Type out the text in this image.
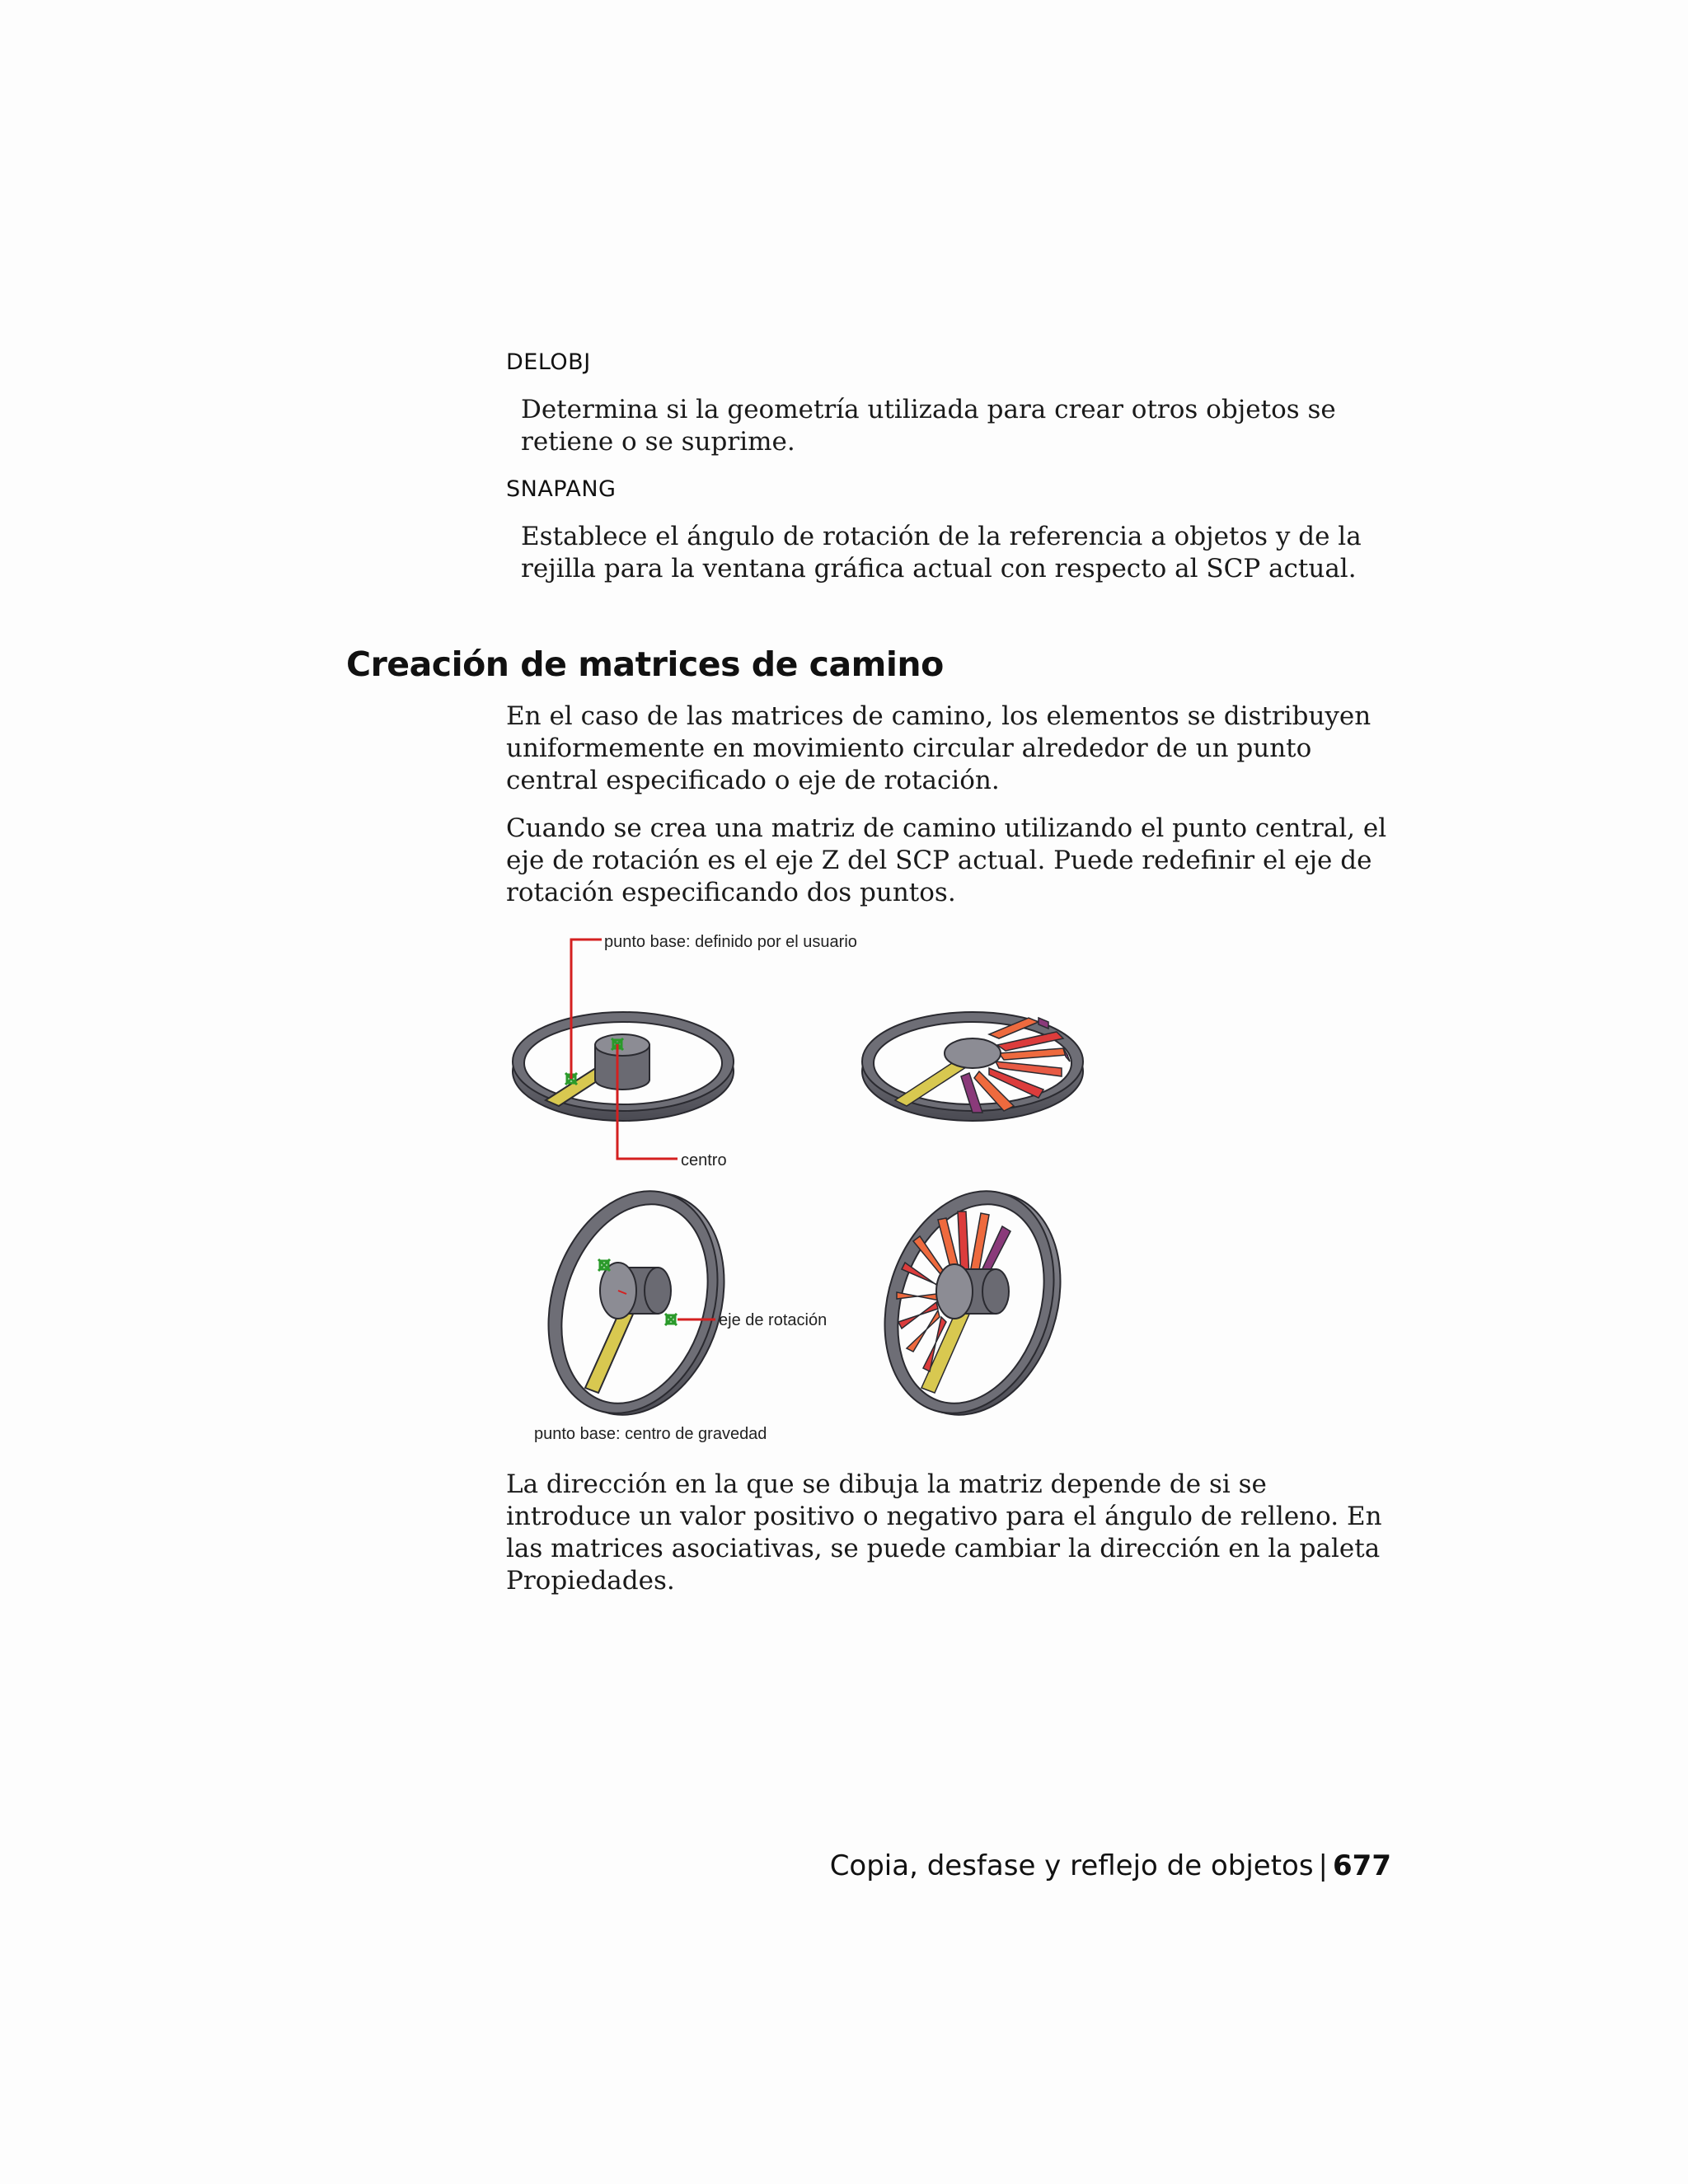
DELOBJ
Determina si la geometría utilizada para crear otros objetos se retiene o se suprime.
SNAPANG
Establece el ángulo de rotación de la referencia a objetos y de la rejilla para la ventana gráfica actual con respecto al SCP actual.
Creación de matrices de camino
En el caso de las matrices de camino, los elementos se distribuyen uniformemente en movimiento circular alrededor de un punto central especificado o eje de rotación.
Cuando se crea una matriz de camino utilizando el punto central, el eje de rotación es el eje Z del SCP actual. Puede redefinir el eje de rotación especificando dos puntos.
punto base: definido por el usuario
centro
eje de rotación
punto base: centro de gravedad
La dirección en la que se dibuja la matriz depende de si se introduce un valor positivo o negativo para el ángulo de relleno. En las matrices asociativas, se puede cambiar la dirección en la paleta Propiedades.
Copia, desfase y reflejo de objetos | 677
